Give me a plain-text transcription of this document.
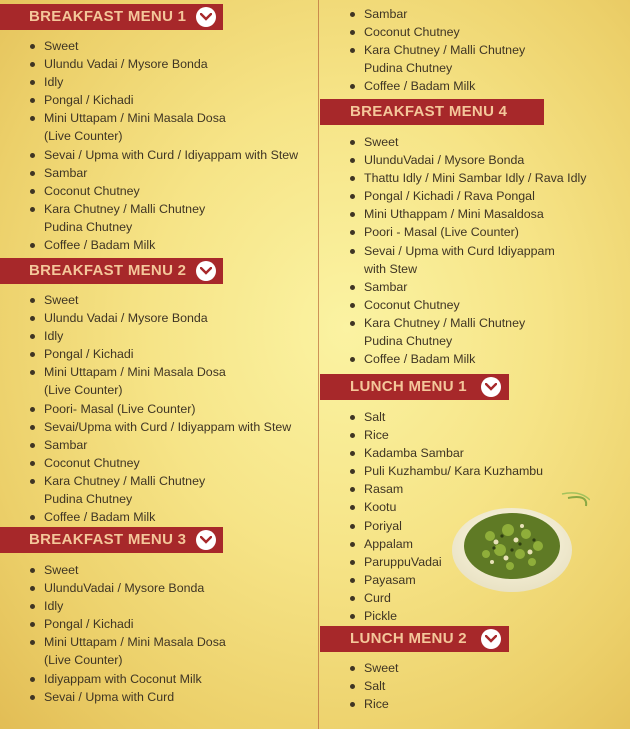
BREAKFAST MENU 1
Sweet
Ulundu Vadai / Mysore Bonda
Idly
Pongal / Kichadi
Mini Uttapam / Mini Masala Dosa
(Live Counter)
Sevai / Upma with Curd / Idiyappam with Stew
Sambar
Coconut Chutney
Kara Chutney / Malli Chutney
Pudina Chutney
Coffee / Badam Milk
BREAKFAST MENU 2
Sweet
Ulundu Vadai / Mysore Bonda
Idly
Pongal / Kichadi
Mini Uttapam / Mini Masala Dosa
(Live Counter)
Poori- Masal (Live Counter)
Sevai/Upma with Curd / Idiyappam with Stew
Sambar
Coconut Chutney
Kara Chutney / Malli Chutney
Pudina Chutney
Coffee / Badam Milk
BREAKFAST MENU 3
Sweet
UlunduVadai / Mysore Bonda
Idly
Pongal / Kichadi
Mini Uttapam / Mini Masala Dosa
(Live Counter)
Idiyappam with Coconut Milk
Sevai / Upma with Curd
Sambar
Coconut Chutney
Kara Chutney / Malli Chutney
Pudina Chutney
Coffee / Badam Milk
BREAKFAST MENU 4
Sweet
UlunduVadai / Mysore Bonda
Thattu Idly / Mini Sambar Idly / Rava Idly
Pongal / Kichadi / Rava Pongal
Mini Uthappam / Mini Masaldosa
Poori - Masal (Live Counter)
Sevai / Upma with Curd Idiyappam
with Stew
Sambar
Coconut Chutney
Kara Chutney / Malli Chutney
Pudina Chutney
Coffee / Badam Milk
LUNCH MENU 1
Salt
Rice
Kadamba Sambar
Puli Kuzhambu/ Kara Kuzhambu
Rasam
Kootu
Poriyal
Appalam
ParuppuVadai
Payasam
Curd
Pickle
LUNCH MENU 2
Sweet
Salt
Rice
